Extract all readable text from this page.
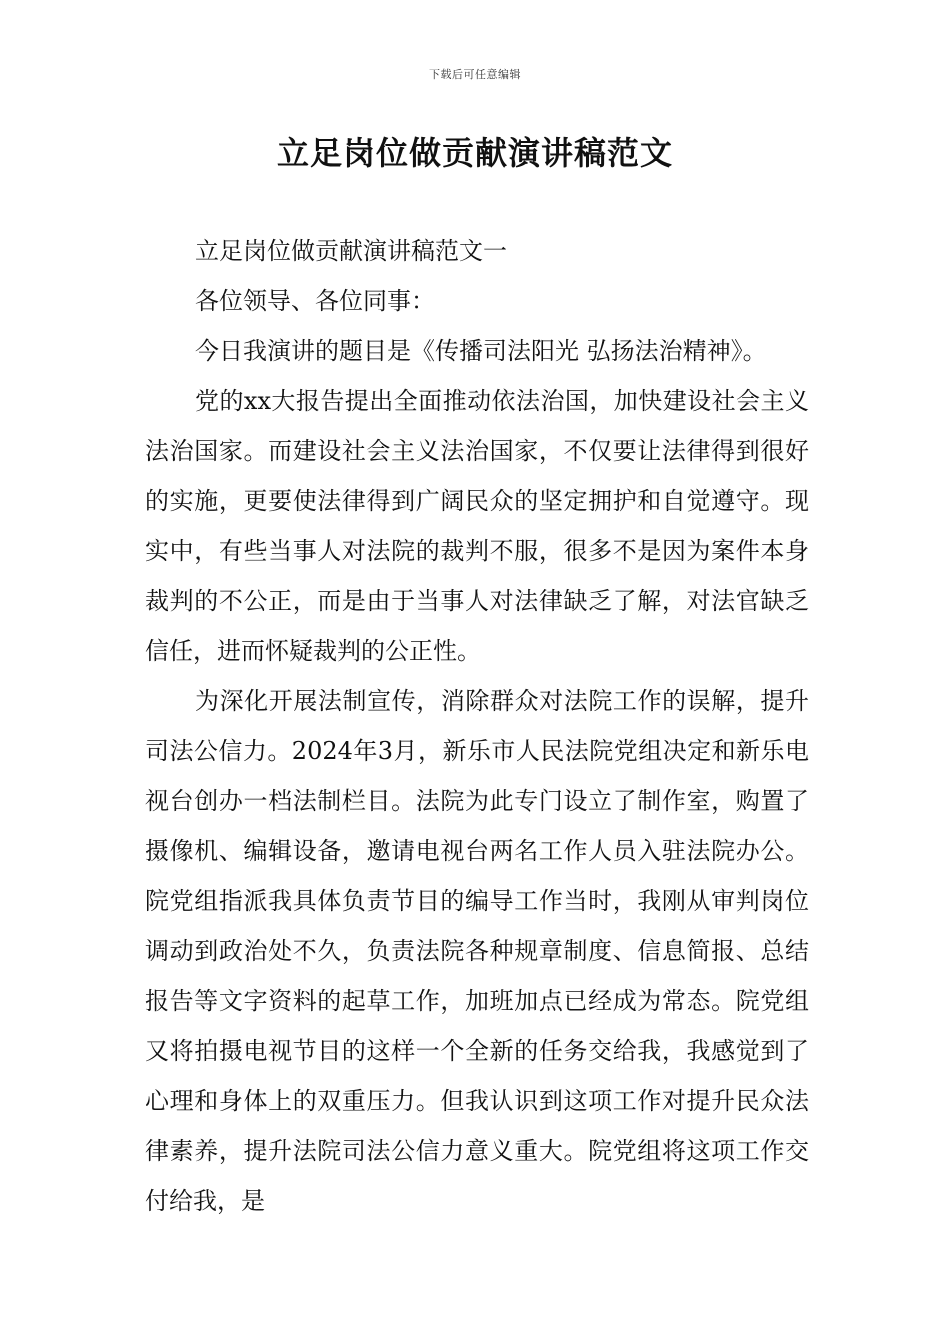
下载后可任意编辑
立足岗位做贡献演讲稿范文

立足岗位做贡献演讲稿范文一

各位领导、各位同事：

今日我演讲的题目是《传播司法阳光 弘扬法治精神》。

党的xx大报告提出全面推动依法治国，加快建设社会主义法治国家。而建设社会主义法治国家，不仅要让法律得到很好的实施，更要使法律得到广阔民众的坚定拥护和自觉遵守。现实中，有些当事人对法院的裁判不服，很多不是因为案件本身裁判的不公正，而是由于当事人对法律缺乏了解，对法官缺乏信任，进而怀疑裁判的公正性。

为深化开展法制宣传，消除群众对法院工作的误解，提升司法公信力。2024年3月，新乐市人民法院党组决定和新乐电视台创办一档法制栏目。法院为此专门设立了制作室，购置了摄像机、编辑设备，邀请电视台两名工作人员入驻法院办公。院党组指派我具体负责节目的编导工作当时，我刚从审判岗位调动到政治处不久，负责法院各种规章制度、信息简报、总结报告等文字资料的起草工作，加班加点已经成为常态。院党组又将拍摄电视节目的这样一个全新的任务交给我，我感觉到了心理和身体上的双重压力。但我认识到这项工作对提升民众法律素养，提升法院司法公信力意义重大。院党组将这项工作交付给我，是
